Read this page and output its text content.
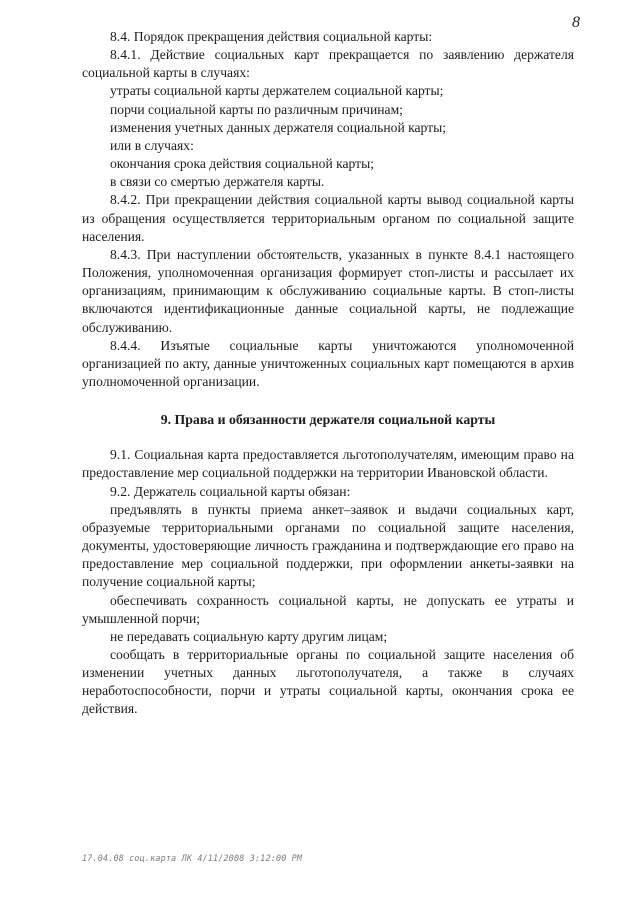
8

8.4. Порядок прекращения действия социальной карты:

8.4.1. Действие социальных карт прекращается по заявлению держателя социальной карты в случаях:

утраты социальной карты держателем социальной карты;

порчи социальной карты по различным причинам;

изменения учетных данных держателя социальной карты;

или в случаях:

окончания срока действия социальной карты;

в связи со смертью держателя карты.

8.4.2. При прекращении действия социальной карты вывод социальной карты из обращения осуществляется территориальным органом по социальной защите населения.

8.4.3. При наступлении обстоятельств, указанных в пункте 8.4.1 настоящего Положения, уполномоченная организация формирует стоп-листы и рассылает их организациям, принимающим к обслуживанию социальные карты. В стоп-листы включаются идентификационные данные социальной карты, не подлежащие обслуживанию.

8.4.4. Изъятые социальные карты уничтожаются уполномоченной организацией по акту, данные уничтоженных социальных карт помещаются в архив уполномоченной организации.

9. Права и обязанности держателя социальной карты

9.1. Социальная карта предоставляется льготополучателям, имеющим право на предоставление мер социальной поддержки на территории Ивановской области.

9.2. Держатель социальной карты обязан:

предъявлять в пункты приема анкет–заявок и выдачи социальных карт, образуемые территориальными органами по социальной защите населения, документы, удостоверяющие личность гражданина и подтверждающие его право на предоставление мер социальной поддержки, при оформлении анкеты-заявки на получение социальной карты;

обеспечивать сохранность социальной карты, не допускать ее утраты и умышленной порчи;

не передавать социальную карту другим лицам;

сообщать в территориальные органы по социальной защите населения об изменении учетных данных льготополучателя, а также в случаях неработоспособности, порчи и утраты социальной карты, окончания срока ее действия.

17.04.08 соц.карта ЛК 4/11/2008 3:12:00 PM
